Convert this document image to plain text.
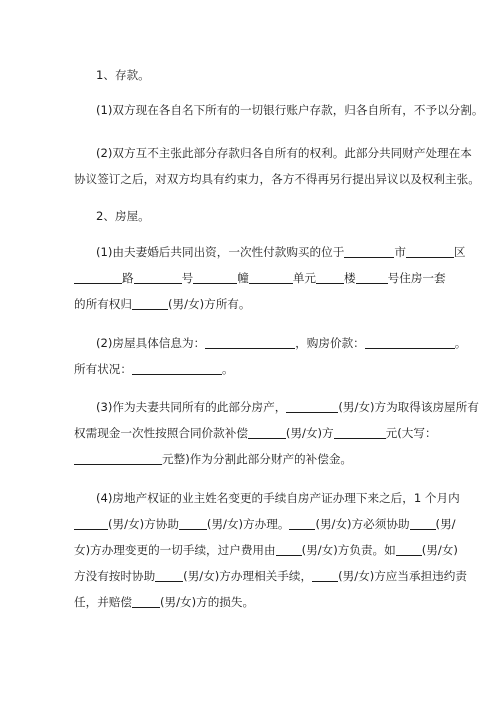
1、存款。
(1)双方现在各自名下所有的一切银行账户存款，归各自所有，不予以分割。
(2)双方互不主张此部分存款归各自所有的权利。此部分共同财产处理在本
协议签订之后，对双方均具有约束力，各方不得再另行提出异议以及权利主张。
2、房屋。
(1)由夫妻婚后共同出资，一次性付款购买的位于	市	区
路	号	幢	单元 楼	号住房一套
的所有权归	(男/女)方所有。
(2)房屋具体信息为：	，购房价款：	。
所有状况：	。
(3)作为夫妻共同所有的此部分房产，	(男/女)方为取得该房屋所有
权需现金一次性按照合同价款补偿	(男/女)方	元(大写：
元整)作为分割此部分财产的补偿金。
(4)房地产权证的业主姓名变更的手续自房产证办理下来之后，1 个月内
(男/女)方协助 (男/女)方办理。 (男/女)方必须协助 (男/
女)方办理变更的一切手续，过户费用由 (男/女)方负责。如 (男/女)
方没有按时协助 (男/女)方办理相关手续， (男/女)方应当承担违约责
任，并赔偿 (男/女)方的损失。
